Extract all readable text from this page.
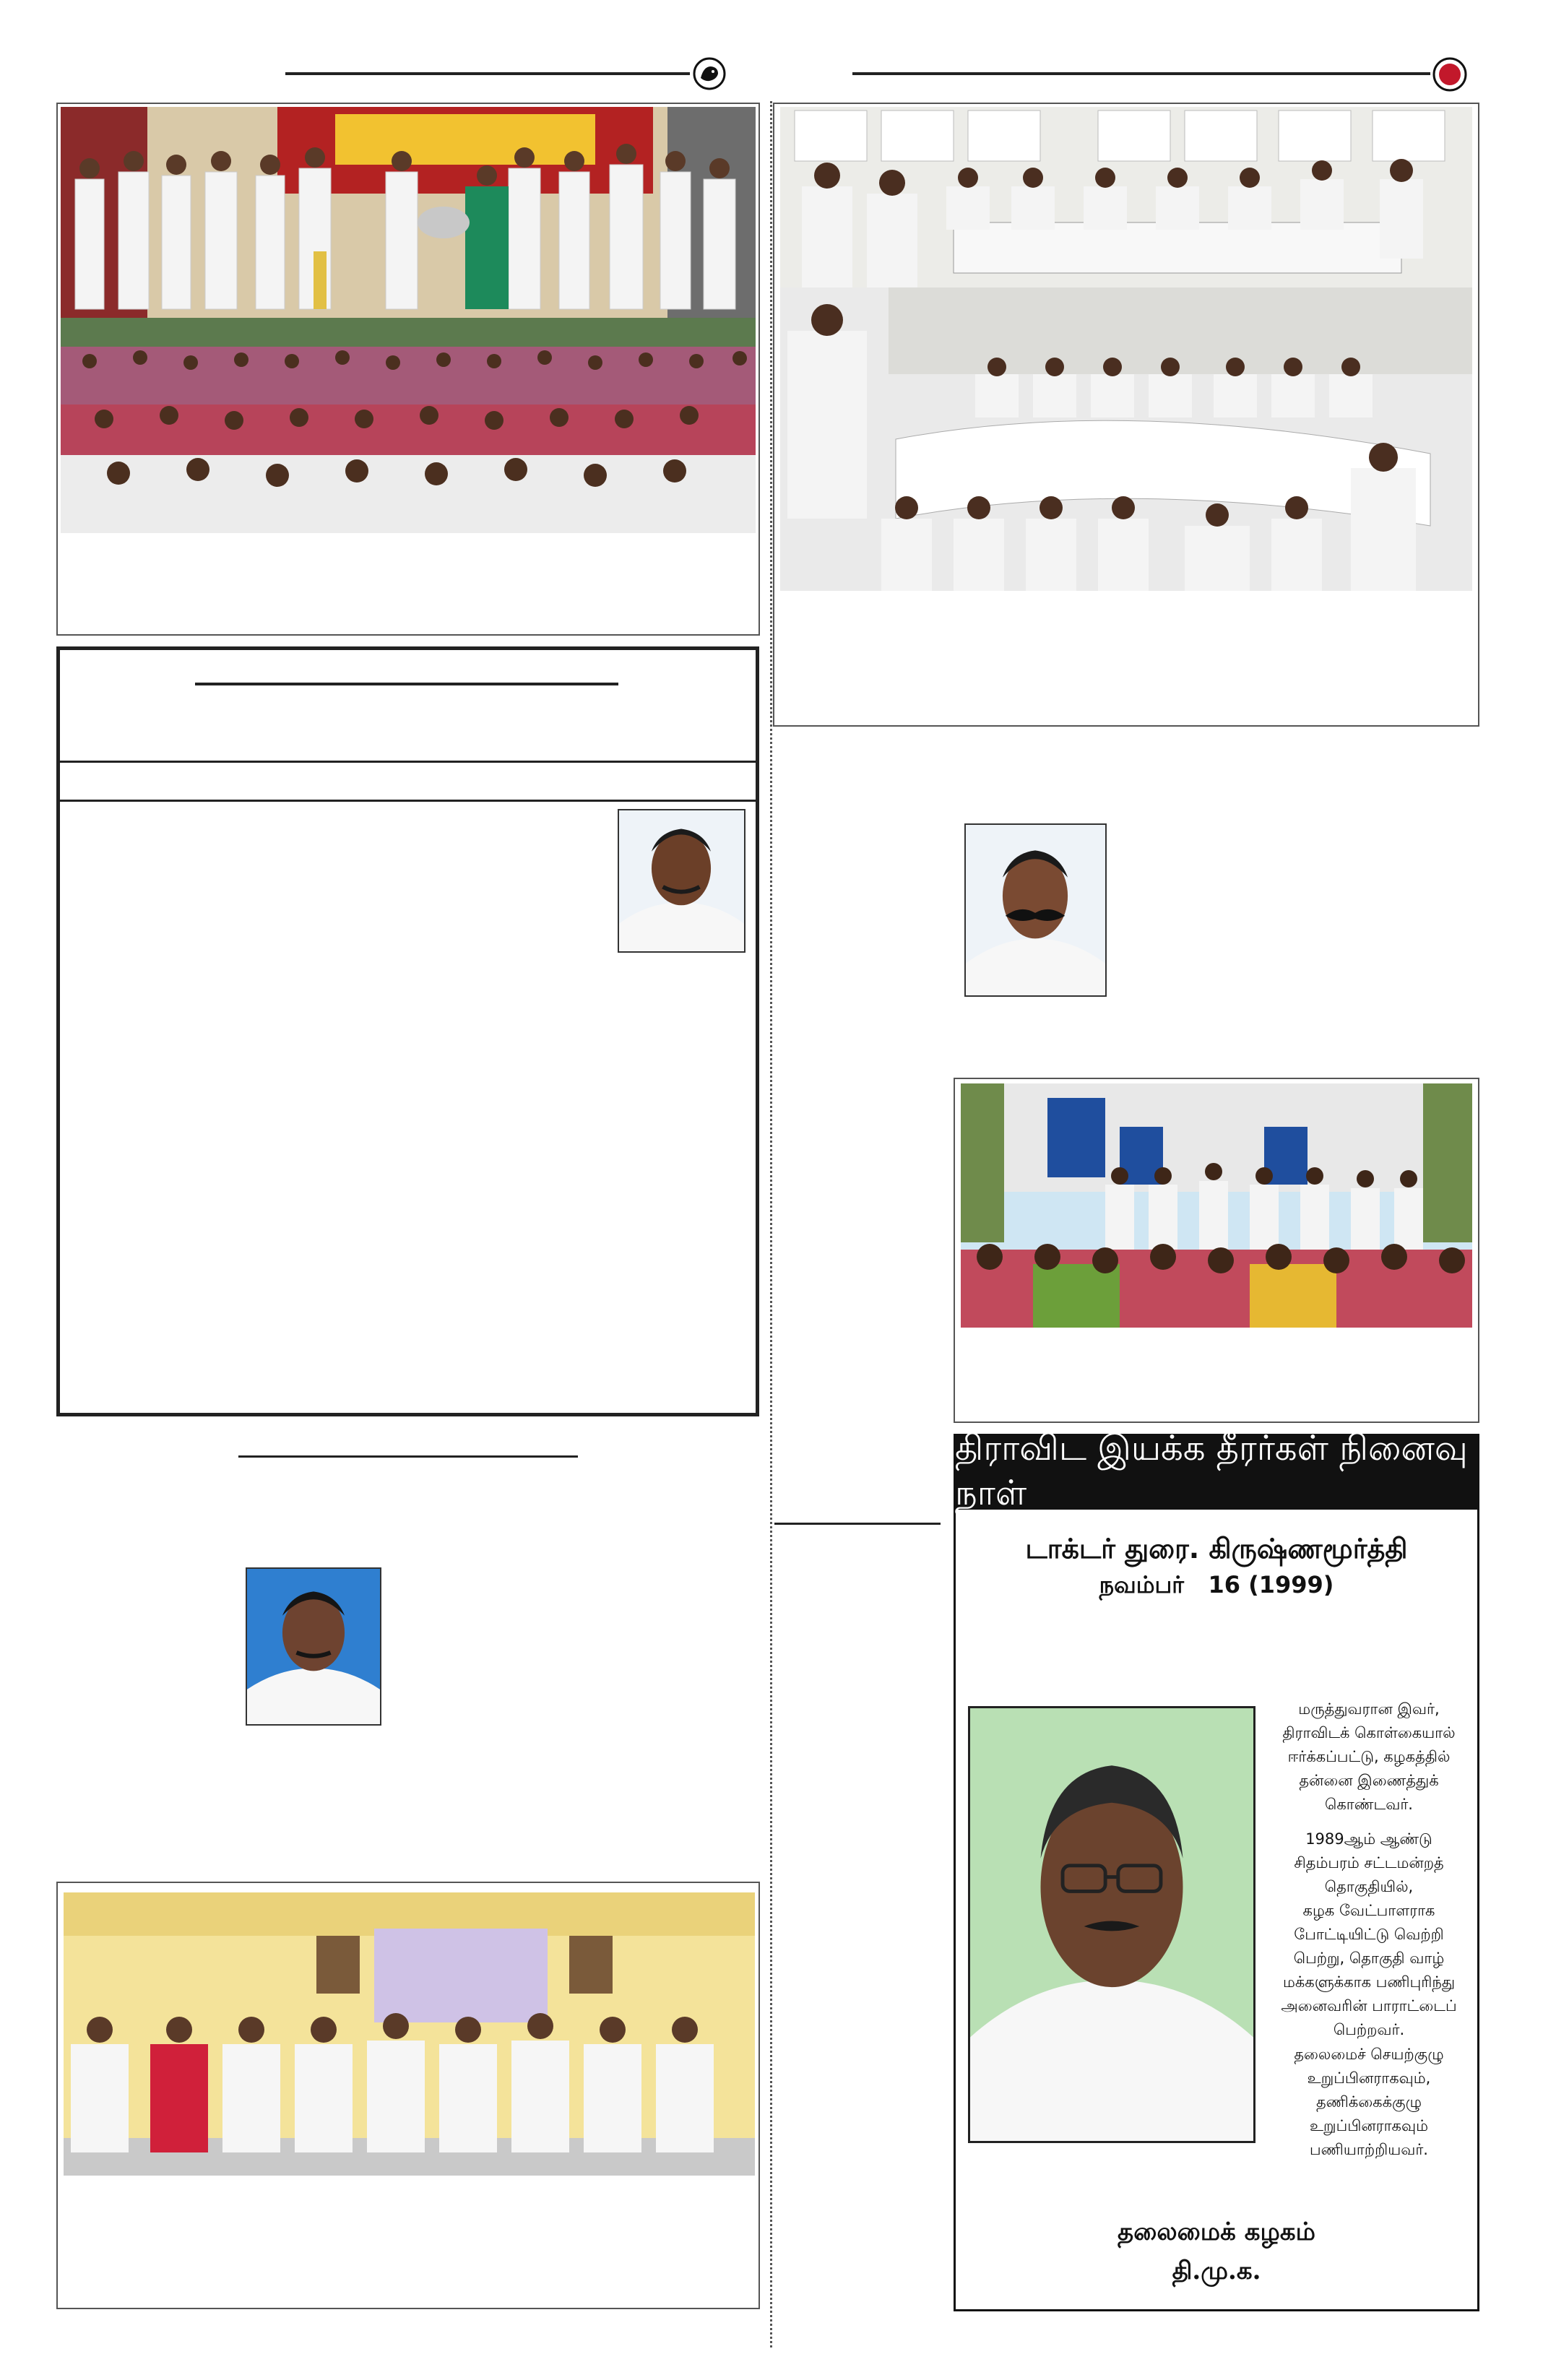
திராவிட இயக்க தீரர்கள் நினைவு நாள்
டாக்டர் துரை. கிருஷ்ணமூர்த்தி
நவம்பர்   16 (1999)
மருத்துவரான இவர்,
திராவிடக் கொள்கையால்
ஈர்க்கப்பட்டு, கழகத்தில்
தன்னை இணைத்துக்
கொண்டவர்.
1989ஆம் ஆண்டு
சிதம்பரம் சட்டமன்றத்
தொகுதியில்,
கழக வேட்பாளராக
போட்டியிட்டு வெற்றி
பெற்று, தொகுதி வாழ்
மக்களுக்காக பணிபுரிந்து
அனைவரின் பாராட்டைப்
பெற்றவர்.
தலைமைச் செயற்குழு
உறுப்பினராகவும்,
தணிக்கைக்குழு
உறுப்பினராகவும்
பணியாற்றியவர்.
தலைமைக் கழகம்
தி.மு.க.
